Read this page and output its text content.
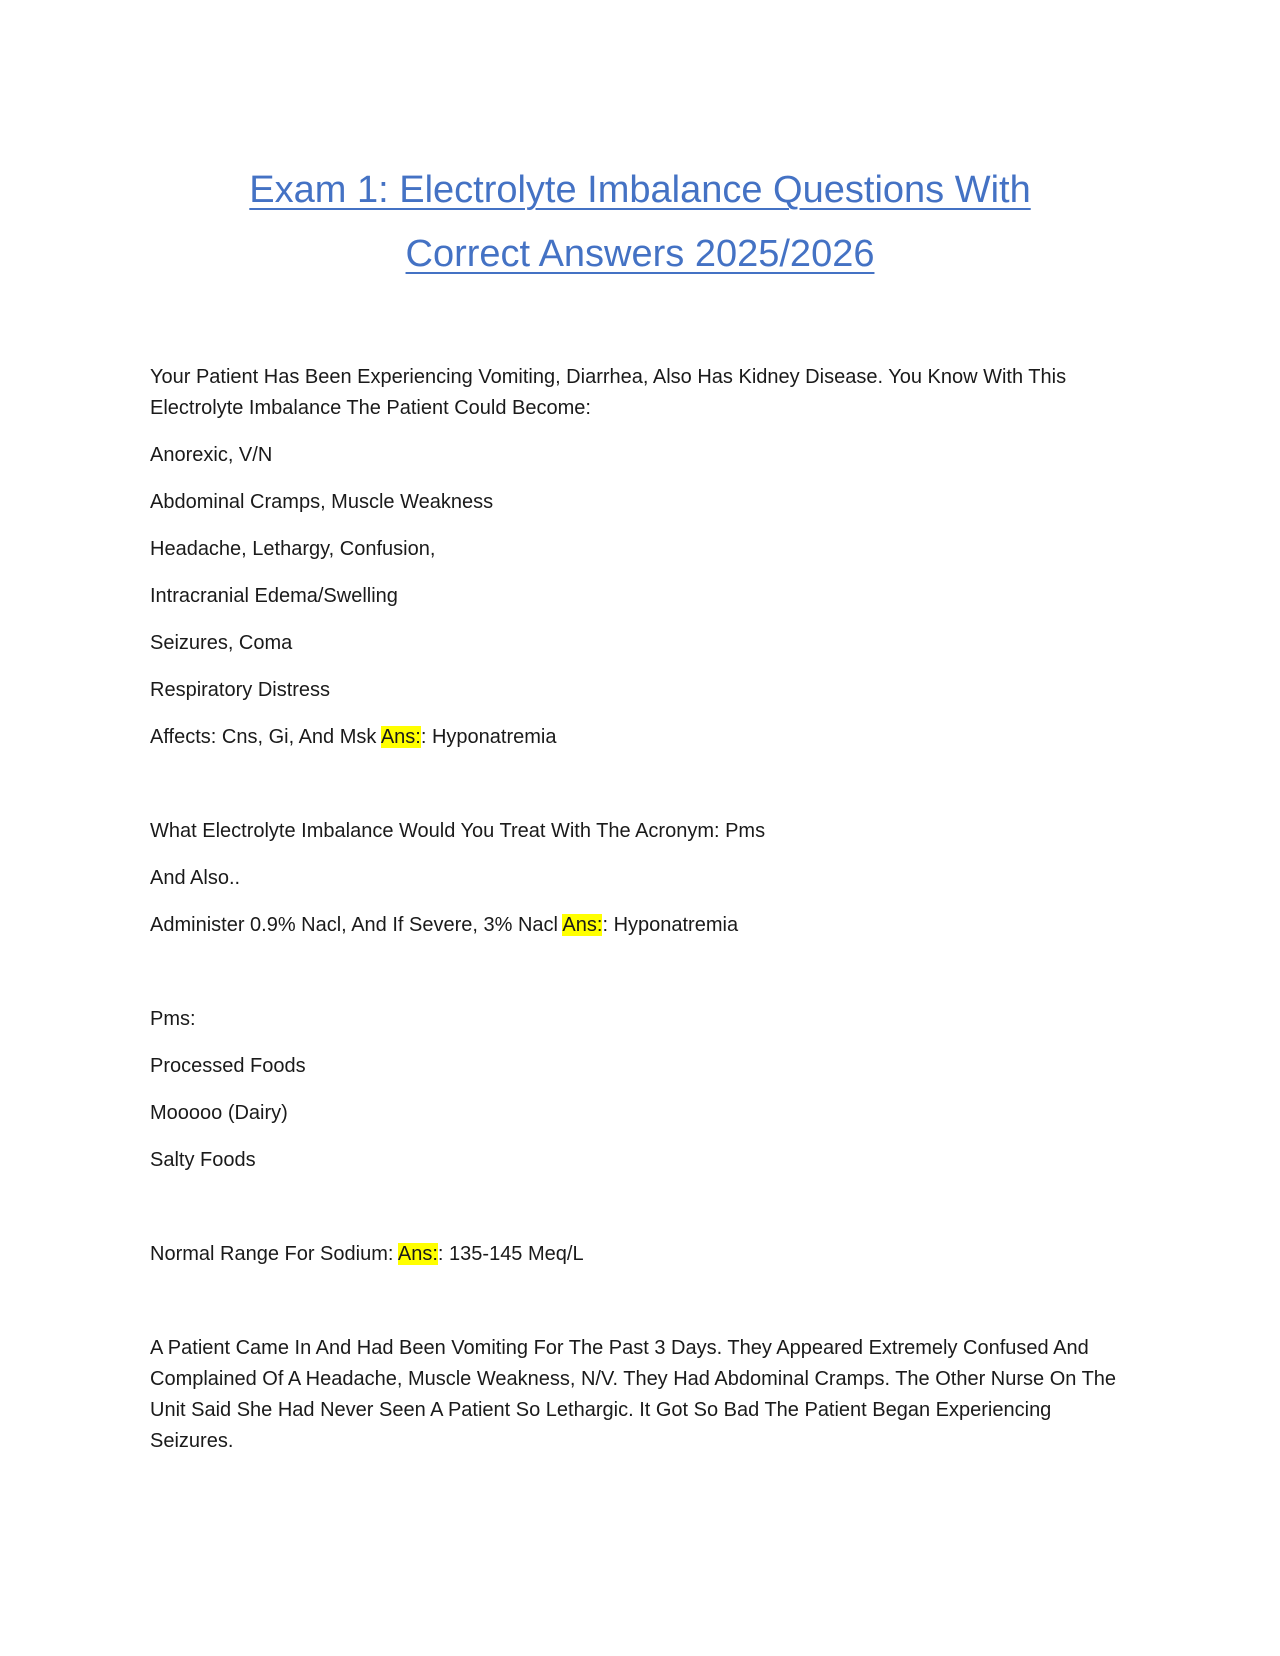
Exam 1: Electrolyte Imbalance Questions With
Correct Answers 2025/2026

Your Patient Has Been Experiencing Vomiting, Diarrhea, Also Has Kidney Disease. You Know With This Electrolyte Imbalance The Patient Could Become:

Anorexic, V/N

Abdominal Cramps, Muscle Weakness

Headache, Lethargy, Confusion,

Intracranial Edema/Swelling

Seizures, Coma

Respiratory Distress

Affects: Cns, Gi, And Msk Ans:: Hyponatremia

What Electrolyte Imbalance Would You Treat With The Acronym: Pms

And Also..

Administer 0.9% Nacl, And If Severe, 3% Nacl Ans:: Hyponatremia

Pms:

Processed Foods

Mooooo (Dairy)

Salty Foods

Normal Range For Sodium: Ans:: 135-145 Meq/L

A Patient Came In And Had Been Vomiting For The Past 3 Days. They Appeared Extremely Confused And Complained Of A Headache, Muscle Weakness, N/V. They Had Abdominal Cramps. The Other Nurse On The Unit Said She Had Never Seen A Patient So Lethargic. It Got So Bad The Patient Began Experiencing Seizures.
